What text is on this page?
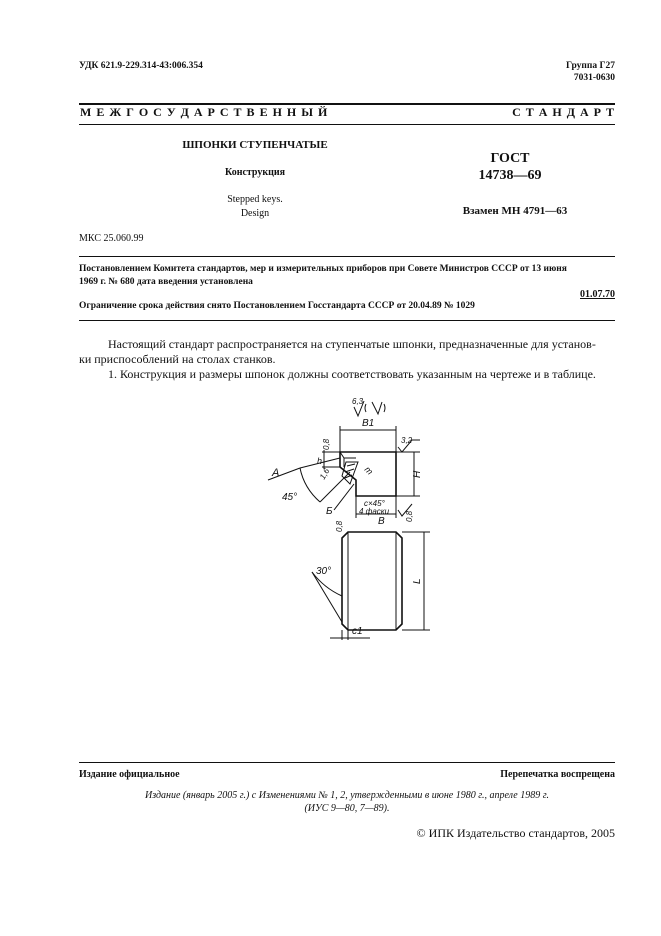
УДК 621.9-229.314-43:006.354	Группа Г27
7031-0630
М Е Ж Г О С У Д А Р С Т В Е Н Н Ы Й	С Т А Н Д А Р Т
ШПОНКИ СТУПЕНЧАТЫЕ
Конструкция
Stepped keys.
Design
ГОСТ
14738—69
Взамен МН 4791—63
МКС 25.060.99
Постановлением Комитета стандартов, мер и измерительных приборов при Совете Министров СССР от 13 июня
1969 г. № 680 дата введения установлена
01.07.70
Ограничение срока действия снято Постановлением Госстандарта СССР от 20.04.89 № 1029
Настоящий стандарт распространяется на ступенчатые шпонки, предназначенные для установ-
ки приспособлений на столах станков.
1. Конструкция и размеры шпонок должны соответствовать указанным на чертеже и в таблице.
6,3
B1
3,2
0,8
h
m
1,6	H
А
45°
Б
c×45°
4 фаски
B	0,8
0,8
L
30°
c1
Издание официальное	Перепечатка воспрещена
Издание (январь 2005 г.) с Изменениями № 1, 2, утвержденными в июне 1980 г., апреле 1989 г.
(ИУС 9—80, 7—89).
© ИПК Издательство стандартов, 2005
